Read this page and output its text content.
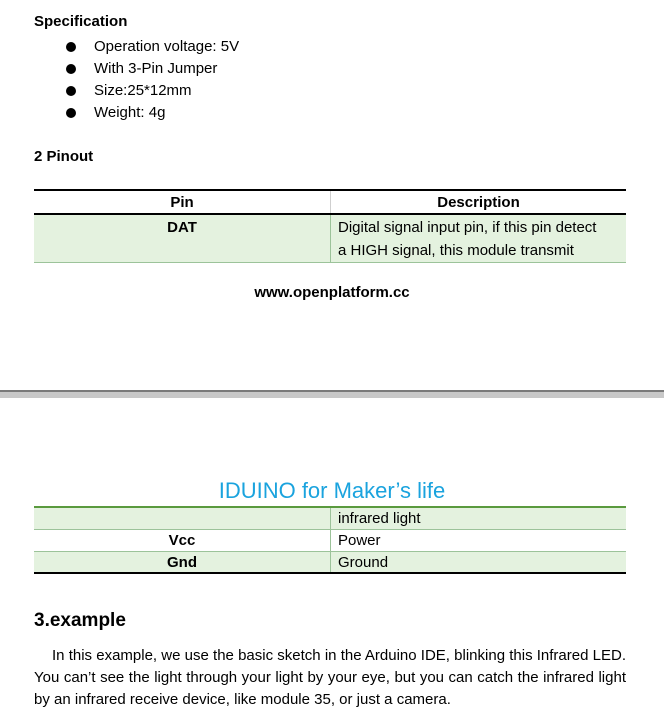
Specification
Operation voltage: 5V
With 3-Pin Jumper
Size:25*12mm
Weight: 4g
2 Pinout
Pin	Description
DAT	Digital signal input pin, if this pin detect
a HIGH signal, this module transmit
www.openplatform.cc
IDUINO for Maker’s life
infrared light
Vcc	Power
Gnd	Ground
3.example

In this example, we use the basic sketch in the Arduino IDE, blinking this Infrared LED. You can’t see the light through your light by your eye, but you can catch the infrared light by an infrared receive device, like module 35, or just a camera.
